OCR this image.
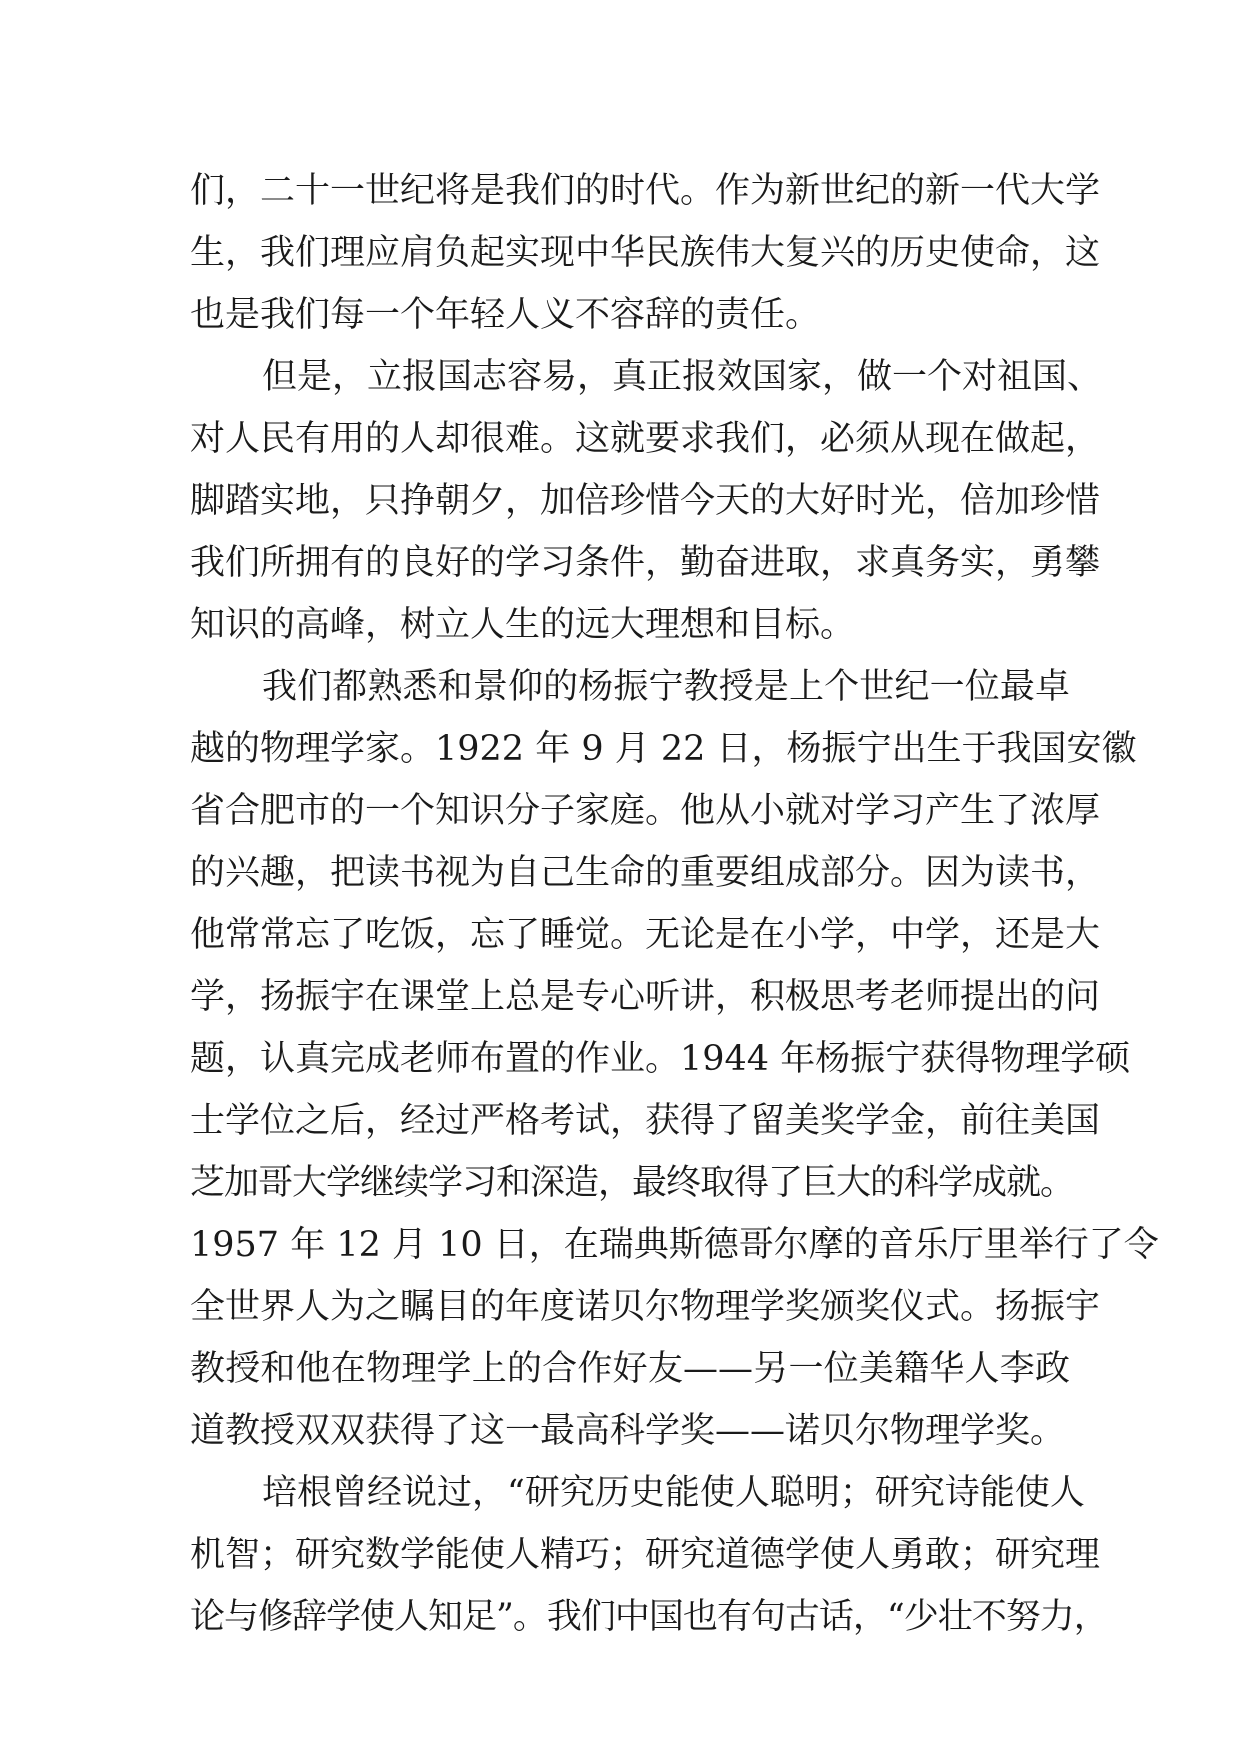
们，二十一世纪将是我们的时代。作为新世纪的新一代大学
生，我们理应肩负起实现中华民族伟大复兴的历史使命，这
也是我们每一个年轻人义不容辞的责任。
但是，立报国志容易，真正报效国家，做一个对祖国、
对人民有用的人却很难。这就要求我们，必须从现在做起，
脚踏实地，只挣朝夕，加倍珍惜今天的大好时光，倍加珍惜
我们所拥有的良好的学习条件，勤奋进取，求真务实，勇攀
知识的高峰，树立人生的远大理想和目标。
我们都熟悉和景仰的杨振宁教授是上个世纪一位最卓
越的物理学家。1922 年 9 月 22 日，杨振宁出生于我国安徽
省合肥市的一个知识分子家庭。他从小就对学习产生了浓厚
的兴趣，把读书视为自己生命的重要组成部分。因为读书，
他常常忘了吃饭，忘了睡觉。无论是在小学，中学，还是大
学，扬振宇在课堂上总是专心听讲，积极思考老师提出的问
题，认真完成老师布置的作业。1944 年杨振宁获得物理学硕
士学位之后，经过严格考试，获得了留美奖学金，前往美国
芝加哥大学继续学习和深造，最终取得了巨大的科学成就。
1957 年 12 月 10 日，在瑞典斯德哥尔摩的音乐厅里举行了令
全世界人为之瞩目的年度诺贝尔物理学奖颁奖仪式。扬振宇
教授和他在物理学上的合作好友——另一位美籍华人李政
道教授双双获得了这一最高科学奖——诺贝尔物理学奖。
培根曾经说过，“研究历史能使人聪明；研究诗能使人
机智；研究数学能使人精巧；研究道德学使人勇敢；研究理
论与修辞学使人知足”。我们中国也有句古话，“少壮不努力，
